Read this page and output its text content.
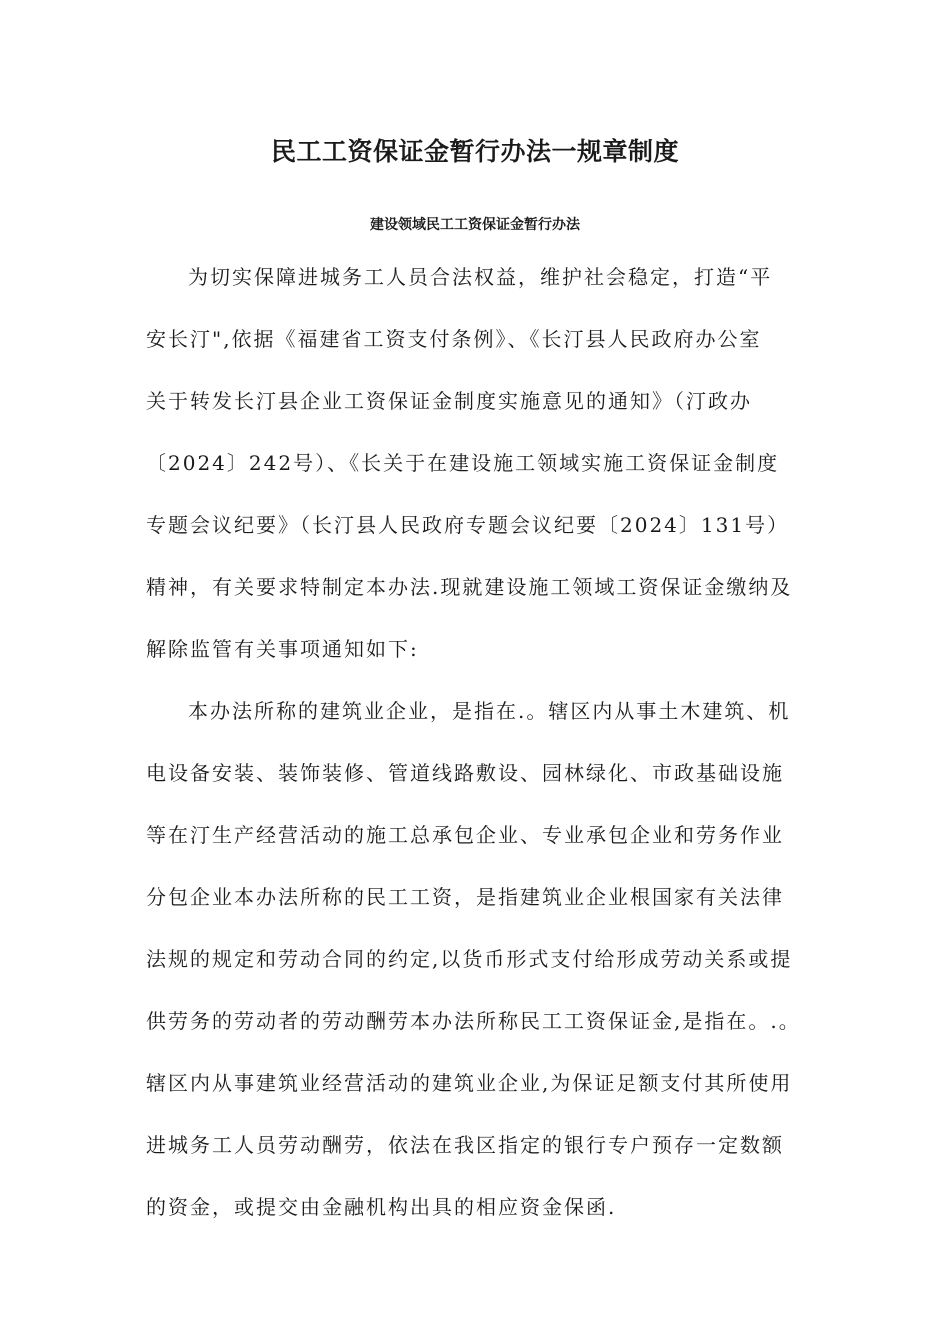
民工工资保证金暂行办法一规章制度
建设领域民工工资保证金暂行办法
为切实保障进城务工人员合法权益，维护社会稳定，打造“平
安长汀",依据《福建省工资支付条例》、《长汀县人民政府办公室
关于转发长汀县企业工资保证金制度实施意见的通知》（汀政办
〔2024〕242号）、《长关于在建设施工领域实施工资保证金制度
专题会议纪要》（长汀县人民政府专题会议纪要〔2024〕131号）
精神，有关要求特制定本办法.现就建设施工领域工资保证金缴纳及
解除监管有关事项通知如下:
本办法所称的建筑业企业，是指在.。辖区内从事土木建筑、机
电设备安装、装饰装修、管道线路敷设、园林绿化、市政基础设施
等在汀生产经营活动的施工总承包企业、专业承包企业和劳务作业
分包企业本办法所称的民工工资，是指建筑业企业根国家有关法律
法规的规定和劳动合同的约定,以货币形式支付给形成劳动关系或提
供劳务的劳动者的劳动酬劳本办法所称民工工资保证金,是指在。.。
辖区内从事建筑业经营活动的建筑业企业,为保证足额支付其所使用
进城务工人员劳动酬劳，依法在我区指定的银行专户预存一定数额
的资金，或提交由金融机构出具的相应资金保函.
